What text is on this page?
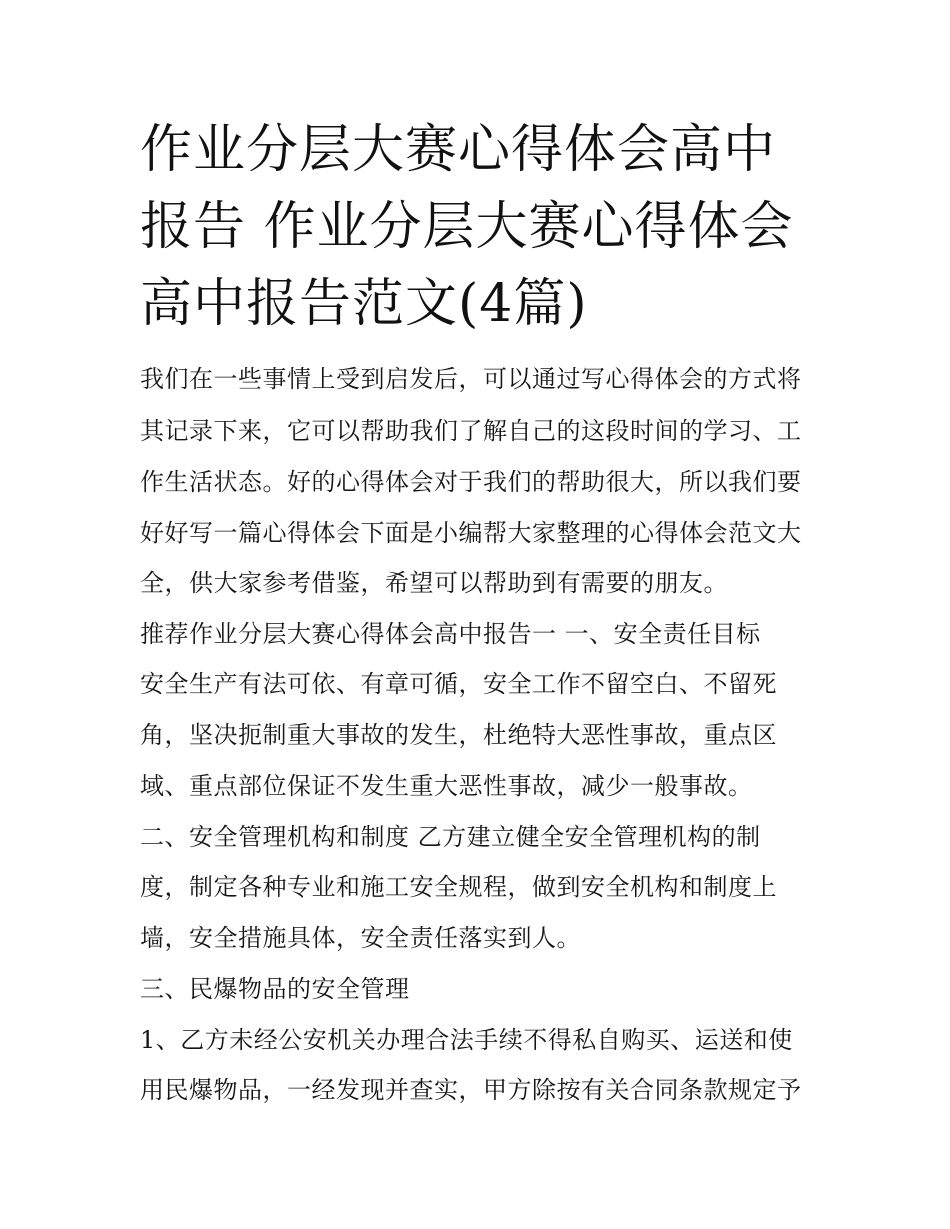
作业分层大赛心得体会高中报告 作业分层大赛心得体会高中报告范文(4篇)

我们在一些事情上受到启发后，可以通过写心得体会的方式将

其记录下来，它可以帮助我们了解自己的这段时间的学习、工

作生活状态。好的心得体会对于我们的帮助很大，所以我们要

好好写一篇心得体会下面是小编帮大家整理的心得体会范文大

全，供大家参考借鉴，希望可以帮助到有需要的朋友。

推荐作业分层大赛心得体会高中报告一 一、安全责任目标

安全生产有法可依、有章可循，安全工作不留空白、不留死

角，坚决扼制重大事故的发生，杜绝特大恶性事故，重点区

域、重点部位保证不发生重大恶性事故，减少一般事故。

二、安全管理机构和制度 乙方建立健全安全管理机构的制

度，制定各种专业和施工安全规程，做到安全机构和制度上

墙，安全措施具体，安全责任落实到人。

三、民爆物品的安全管理

1、乙方未经公安机关办理合法手续不得私自购买、运送和使

用民爆物品，一经发现并查实，甲方除按有关合同条款规定予
